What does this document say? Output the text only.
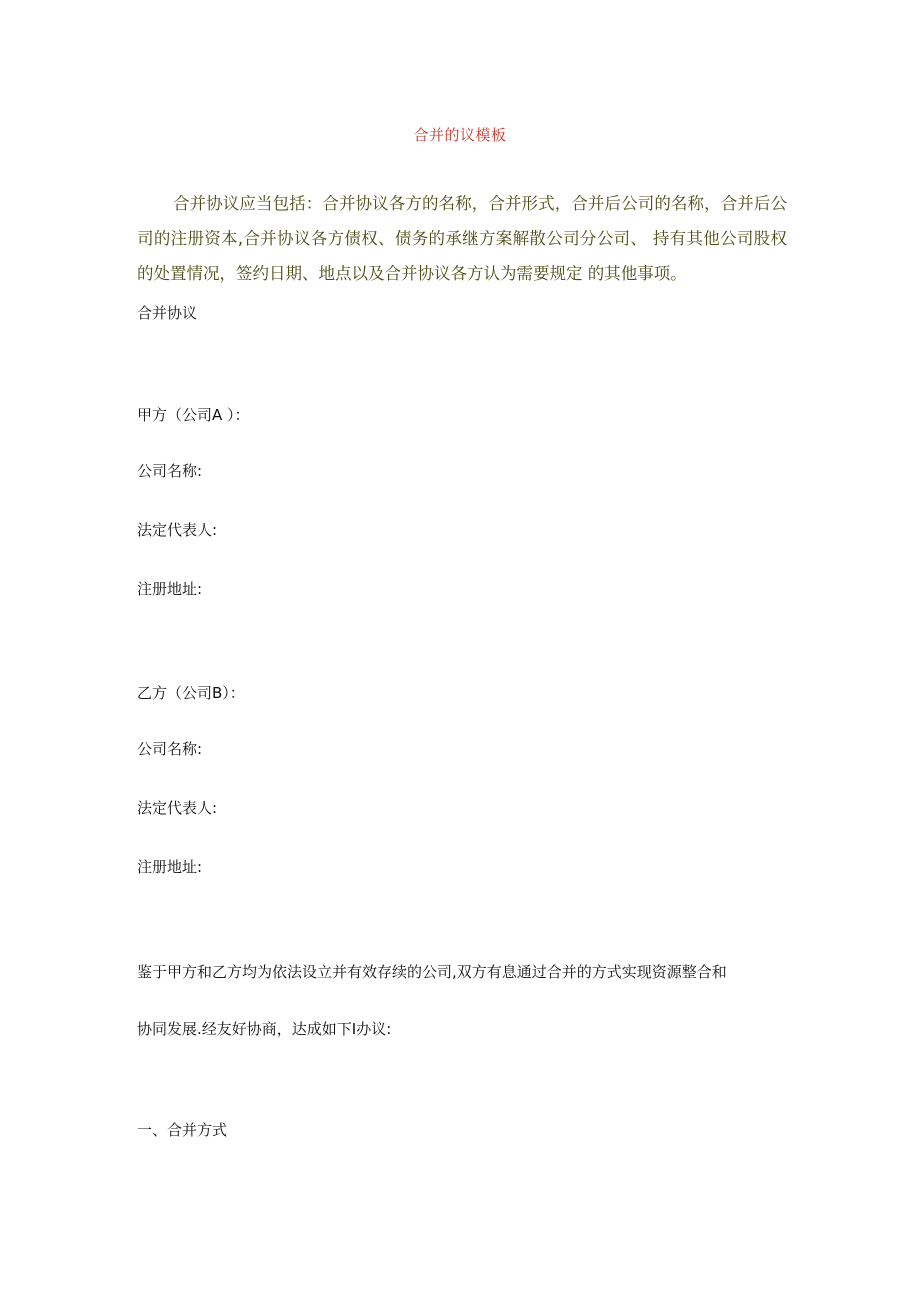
合并的议模板
合并协议应当包括：合并协议各方的名称，合并形式，合并后公司的名称，合并后公司的注册资本,合并协议各方债权、债务的承继方案解散公司分公司、 持有其他公司股权的处置情况，签约日期、地点以及合并协议各方认为需要规定 的其他事项。
合并协议
甲方（公司A ）：
公司名称:
法定代表人:
注册地址:
乙方（公司B）：
公司名称:
法定代表人:
注册地址:
鉴于甲方和乙方均为依法设立并有效存续的公司,双方有息通过合并的方式实现资源整合和
协同发展.经友好协商，达成如下I办议:
一、合并方式
